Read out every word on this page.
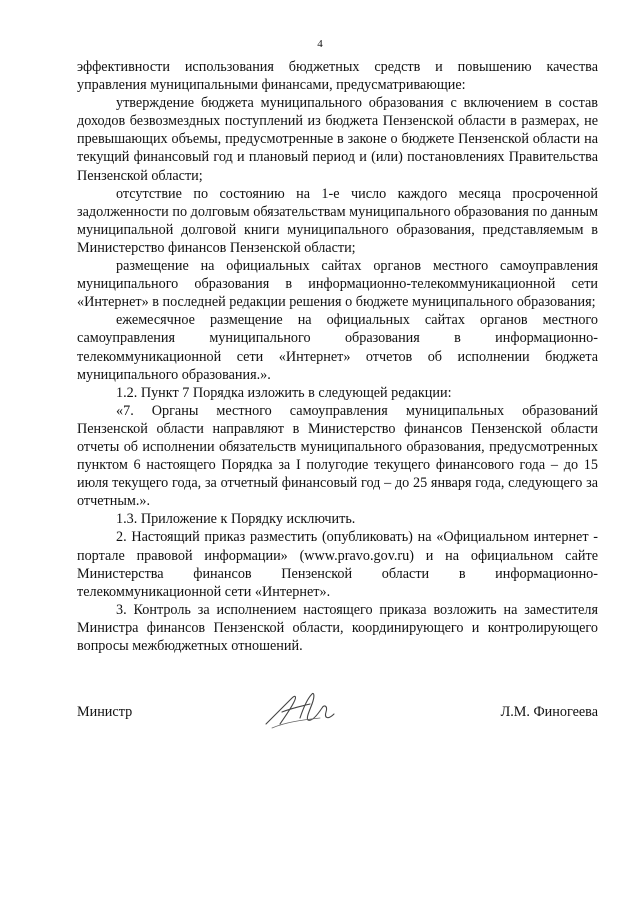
4

эффективности использования бюджетных средств и повышению качества управления муниципальными финансами, предусматривающие:

утверждение бюджета муниципального образования с включением в состав доходов безвозмездных поступлений из бюджета Пензенской области в размерах, не превышающих объемы, предусмотренные в законе о бюджете Пензенской области на текущий финансовый год и плановый период и (или) постановлениях Правительства Пензенской области;

отсутствие по состоянию на 1-е число каждого месяца просроченной задолженности по долговым обязательствам муниципального образования по данным муниципальной долговой книги муниципального образования, представляемым в Министерство финансов Пензенской области;

размещение на официальных сайтах органов местного самоуправления муниципального образования в информационно-телекоммуникационной сети «Интернет» в последней редакции решения о бюджете муниципального образования;

ежемесячное размещение на официальных сайтах органов местного самоуправления муниципального образования в информационно-телекоммуникационной сети «Интернет» отчетов об исполнении бюджета муниципального образования.».

1.2. Пункт 7 Порядка изложить в следующей редакции:

«7. Органы местного самоуправления муниципальных образований Пензенской области направляют в Министерство финансов Пензенской области отчеты об исполнении обязательств муниципального образования, предусмотренных пунктом 6 настоящего Порядка за I полугодие текущего финансового года – до 15 июля текущего года, за отчетный финансовый год – до 25 января года, следующего за отчетным.».

1.3. Приложение к Порядку исключить.

2. Настоящий приказ разместить (опубликовать) на «Официальном интернет - портале правовой информации» (www.pravo.gov.ru) и на официальном сайте Министерства финансов Пензенской области в информационно-телекоммуникационной сети «Интернет».

3. Контроль за исполнением настоящего приказа возложить на заместителя Министра финансов Пензенской области, координирующего и контролирующего вопросы межбюджетных отношений.

Министр	Л.М. Финогеева
